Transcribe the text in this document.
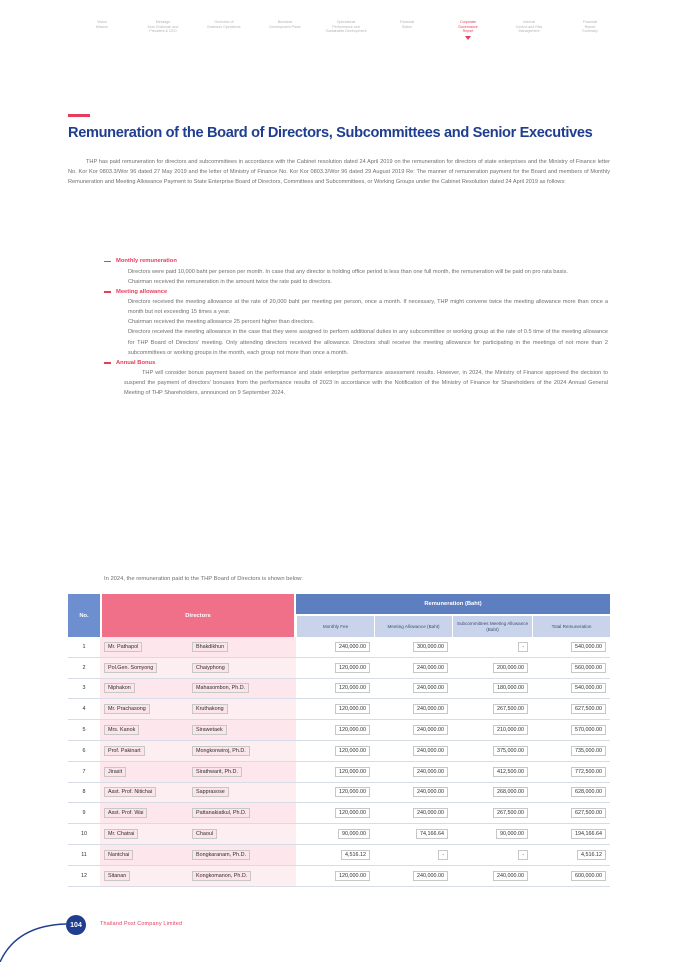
Vision
Mission
Message
from Chairman and
President & CEO
Overview of
Business Operations
Business
Development Plans
Operational
Performance and
Sustainable Development
Financial
Status
Corporate
Governance
Report
Internal
Control and Risk
Management
Financial
Report
Summary
Remuneration of the Board of Directors, Subcommittees and Senior Executives

THP has paid remuneration for directors and subcommittees in accordance with the Cabinet resolution dated 24 April 2019 on the remuneration for directors of state enterprises and the Ministry of Finance letter No. Kor Kor 0803.3/Wor 96 dated 27 May 2019 and the letter of Ministry of Finance No. Kor Kor 0803.3/Wor 96 dated 29 August 2019 Re: The manner of remuneration payment for the Board and members of Monthly Remuneration and Meeting Allowance Payment to State Enterprise Board of Directors, Committees and Subcommittees, or Working Groups under the Cabinet Resolution dated 24 April 2019 as follows:

Monthly remuneration

Directors were paid 10,000 baht per person per month. In case that any director is holding office period is less than one full month, the remuneration will be paid on pro rata basis.

Chairman received the remuneration in the amount twice the rate paid to directors.

Meeting allowance

Directors received the meeting allowance at the rate of 20,000 baht per meeting per person, once a month. If necessary, THP might convene twice the meeting allowance more than once a month but not exceeding 15 times a year.

Chairman received the meeting allowance 25 percent higher than directors.

Directors received the meeting allowance in the case that they were assigned to perform additional duties in any subcommittee or working group at the rate of 0.5 time of the meeting allowance for THP Board of Directors' meeting. Only attending directors received the allowance. Directors shall receive the meeting allowance for participating in the meetings of not more than 2 subcommittees or working groups in the month, each group not more than once a month.

Annual Bonus

THP will consider bonus payment based on the performance and state enterprise performance assessment results. However, in 2024, the Ministry of Finance approved the decision to suspend the payment of directors' bonuses from the performance results of 2023 in accordance with the Notification of the Ministry of Finance for Shareholders of the 2024 Annual General Meeting of THP Shareholders, announced on 9 September 2024.

In 2024, the remuneration paid to the THP Board of Directors is shown below:
No.	Directors		Remuneration (Baht)			
			Monthly Fee	Meeting Allowance (Baht)	Subcommittees Meeting Allowance (Baht)	Total Remuneration
1	Mr. Pathapol	Bhakdikhun	240,000.00	300,000.00	-	540,000.00
2	Pol.Gen. Somyong	Chaiyphong	120,000.00	240,000.00	200,000.00	560,000.00
3	Niphakon	Mahasombon, Ph.D.	120,000.00	240,000.00	180,000.00	540,000.00
4	Mr. Prachasong	Kruthakong	120,000.00	240,000.00	267,500.00	627,500.00
5	Mrs. Kanok	Sirawetaek	120,000.00	240,000.00	210,000.00	570,000.00
6	Prof. Pakinart	Mongkonwiroj, Ph.D.	120,000.00	240,000.00	375,000.00	735,000.00
7	Jirasit	Sirathwarit, Ph.D.	120,000.00	240,000.00	412,500.00	772,500.00
8	Asst. Prof. Nitichai	Sapprasose	120,000.00	240,000.00	268,000.00	628,000.00
9	Asst. Prof. Wai	Pattanakiatkul, Ph.D.	120,000.00	240,000.00	267,500.00	627,500.00
10	Mr. Chatrai	Chaoul	90,000.00	74,166.64	90,000.00	194,166.64
11	Nantchai	Bongkaranam, Ph.D.	4,516.12	-	-	4,516.12
12	Sitanan	Kongkomanon, Ph.D.	120,000.00	240,000.00	240,000.00	600,000.00
104	Thailand Post Company Limited
